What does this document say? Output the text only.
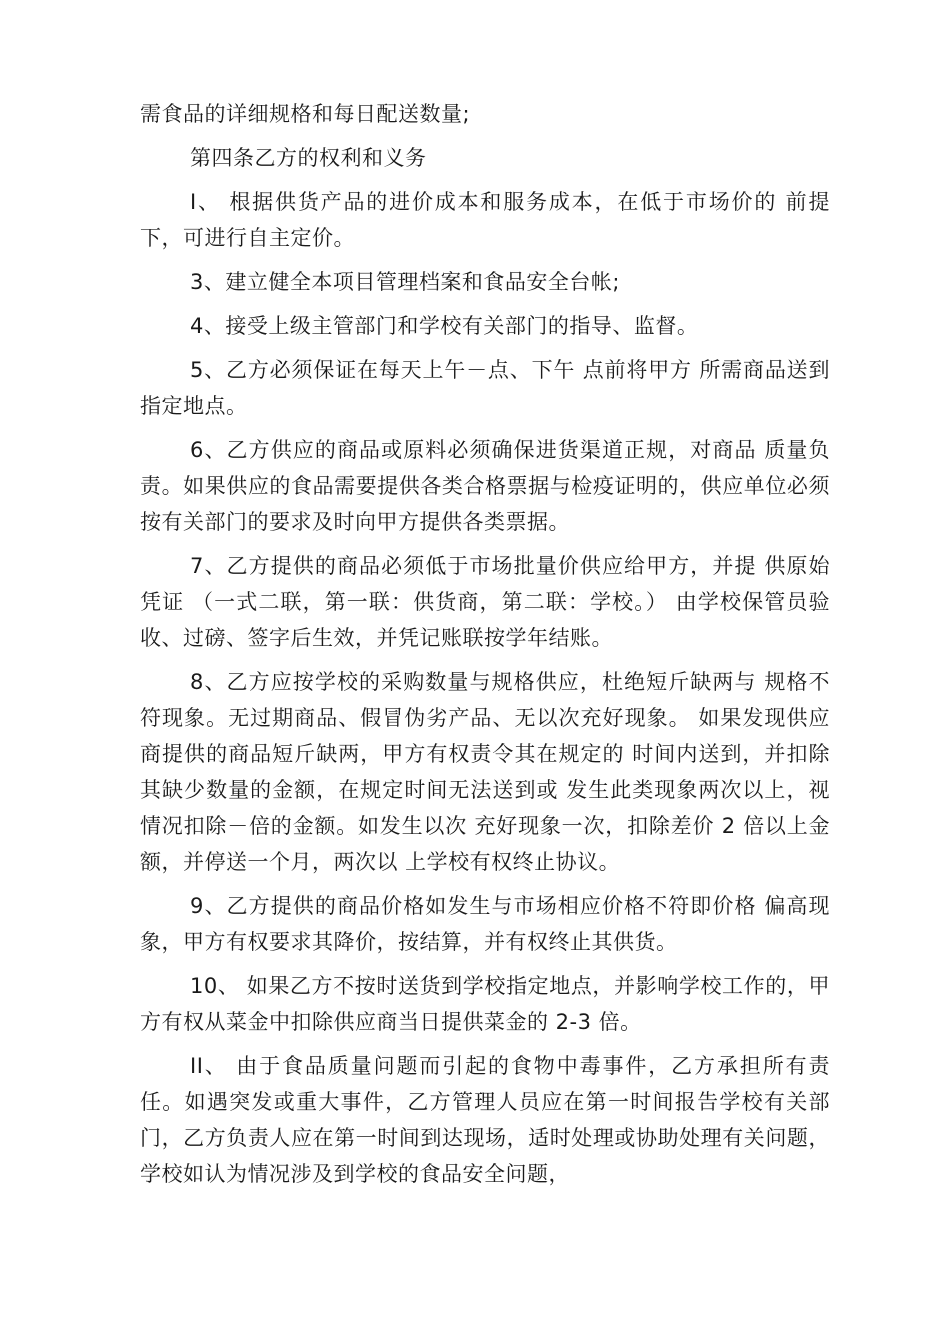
需食品的详细规格和每日配送数量;

第四条乙方的权利和义务

I、 根据供货产品的进价成本和服务成本，在低于市场价的 前提下，可进行自主定价。

3、建立健全本项目管理档案和食品安全台帐;

4、接受上级主管部门和学校有关部门的指导、监督。

5、乙方必须保证在每天上午－点、下午 点前将甲方 所需商品送到指定地点。

6、乙方供应的商品或原料必须确保进货渠道正规，对商品 质量负责。如果供应的食品需要提供各类合格票据与检疫证明的，供应单位必须按有关部门的要求及时向甲方提供各类票据。

7、乙方提供的商品必须低于市场批量价供应给甲方，并提 供原始凭证 （一式二联，第一联：供货商，第二联：学校。） 由学校保管员验收、过磅、签字后生效，并凭记账联按学年结账。

8、乙方应按学校的采购数量与规格供应，杜绝短斤缺两与 规格不符现象。无过期商品、假冒伪劣产品、无以次充好现象。 如果发现供应商提供的商品短斤缺两，甲方有权责令其在规定的 时间内送到，并扣除其缺少数量的金额，在规定时间无法送到或 发生此类现象两次以上，视情况扣除－倍的金额。如发生以次 充好现象一次，扣除差价 2 倍以上金额，并停送一个月，两次以 上学校有权终止协议。

9、乙方提供的商品价格如发生与市场相应价格不符即价格 偏高现象，甲方有权要求其降价，按结算，并有权终止其供货。

10、 如果乙方不按时送货到学校指定地点，并影响学校工作的，甲方有权从菜金中扣除供应商当日提供菜金的 2-3 倍。

II、 由于食品质量问题而引起的食物中毒事件，乙方承担所有责任。如遇突发或重大事件，乙方管理人员应在第一时间报告学校有关部门，乙方负责人应在第一时间到达现场，适时处理或协助处理有关问题，学校如认为情况涉及到学校的食品安全问题，
